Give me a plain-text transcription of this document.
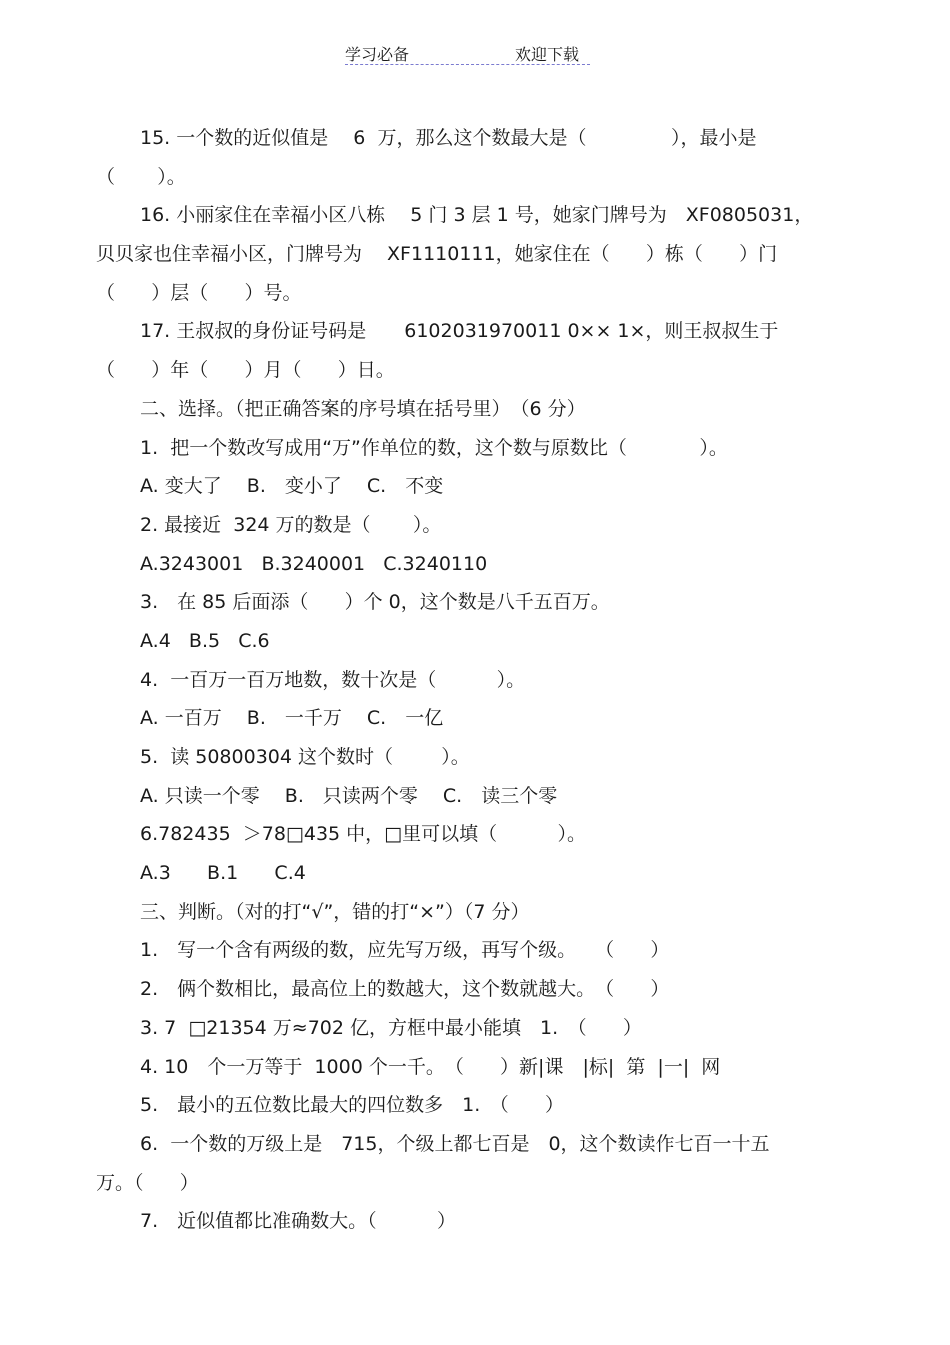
学习必备	欢迎下载
15. 一个数的近似值是　 6  万，那么这个数最大是（              ），最小是
（       ）。
16. 小丽家住在幸福小区八栋　 5 门 3 层 1 号，她家门牌号为　XF0805031，
贝贝家也住幸福小区，门牌号为　 XF1110111，她家住在（      ）栋（      ）门
（      ）层（      ）号。
17. 王叔叔的身份证号码是　　6102031970011 0×× 1×，则王叔叔生于
（      ）年（      ）月（      ）日。
二、选择。（把正确答案的序号填在括号里）　（6 分）
1.  把一个数改写成用“万”作单位的数，这个数与原数比（            ）。
A. 变大了　 B.　变小了　 C.　不变
2. 最接近  324 万的数是（       ）。
A.3243001   B.3240001   C.3240110
3.　在 85 后面添（      ）个 0，这个数是八千五百万。
A.4   B.5   C.6
4.  一百万一百万地数，数十次是（          ）。
A. 一百万　 B.　一千万　 C.　一亿
5.  读 50800304 这个数时（        ）。
A. 只读一个零　 B.　只读两个零　 C.　读三个零
6.782435  ＞78□435 中，□里可以填（          ）。
A.3      B.1      C.4
三、判断。（对的打“√”，错的打“×”）（7 分）
1.　写一个含有两级的数，应先写万级，再写个级。　　（      ）
2.　俩个数相比，最高位上的数越大，这个数就越大。　（      ）
3. 7  □21354 万≈702 亿，方框中最小能填　1.　（      ）
4. 10　个一万等于  1000 个一千。　（      ）新|课　|标|  第  |一|  网
5.　最小的五位数比最大的四位数多　1.　（      ）
6.  一个数的万级上是　715，个级上都七百是　0，这个数读作七百一十五
万。（      ）
7.　近似值都比准确数大。（          ）
